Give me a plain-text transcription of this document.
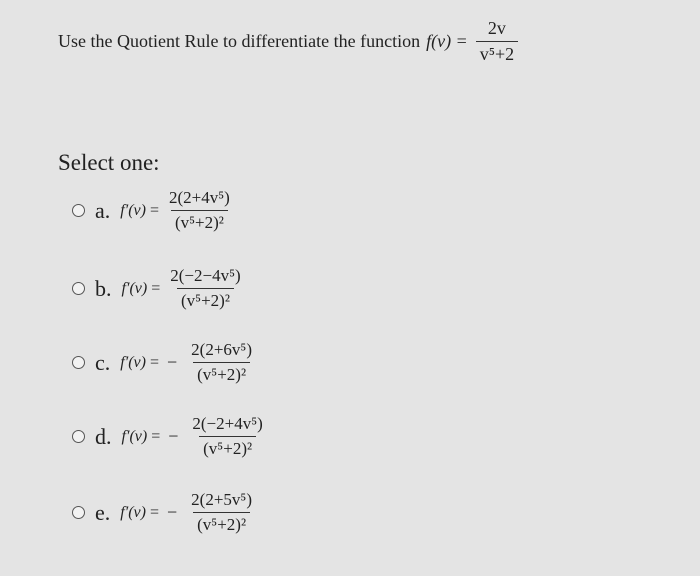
Use the Quotient Rule to differentiate the function $f(v) = \frac{2v}{\text{v⁵+2}}$
Select one:
a. $f'(v) = \frac{\text{2(2+4v⁵)}}{\text{(v⁵+2)²}}$
b. $f'(v) = \frac{\text{2(−2−4v⁵)}}{\text{(v⁵+2)²}}$
c. f′(v) = − $\frac{\text{2(2+6v⁵)}}{\text{(v⁵+2)²}}$
d. f′(v) = − $\frac{\text{2(−2+4v⁵)}}{\text{(v⁵+2)²}}$
e. f′(v) = − $\frac{\text{2(2+5v⁵)}}{\text{(v⁵+2)²}}$
